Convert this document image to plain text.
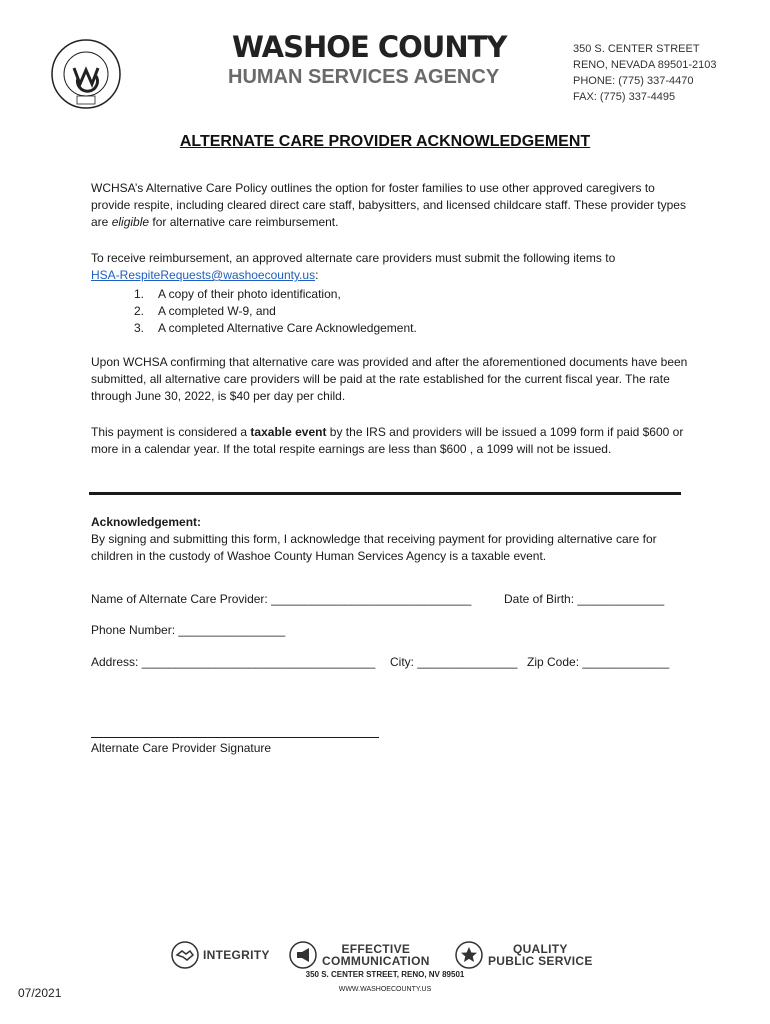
WASHOE COUNTY
HUMAN SERVICES AGENCY
350 S. CENTER STREET
RENO, NEVADA 89501-2103
PHONE: (775) 337-4470
FAX: (775) 337-4495
ALTERNATE CARE PROVIDER ACKNOWLEDGEMENT
WCHSA’s Alternative Care Policy outlines the option for foster families to use other approved caregivers to provide respite, including cleared direct care staff, babysitters, and licensed childcare staff. These provider types are eligible for alternative care reimbursement.
To receive reimbursement, an approved alternate care providers must submit the following items to
HSA-RespiteRequests@washoecounty.us:
1.	A copy of their photo identification,
2.	A completed W-9, and
3.	A completed Alternative Care Acknowledgement.
Upon WCHSA confirming that alternative care was provided and after the aforementioned documents have been submitted, all alternative care providers will be paid at the rate established for the current fiscal year. The rate through June 30, 2022, is $40 per day per child.
This payment is considered a taxable event by the IRS and providers will be issued a 1099 form if paid $600 or more in a calendar year. If the total respite earnings are less than $600 , a 1099 will not be issued.
Acknowledgement:
By signing and submitting this form, I acknowledge that receiving payment for providing alternative care for children in the custody of Washoe County Human Services Agency is a taxable event.
Name of Alternate Care Provider: ______________________________	Date of Birth: _____________
Phone Number: ________________
Address: ___________________________________ City: _______________ Zip Code: _____________
Alternate Care Provider Signature
INTEGRITY	EFFECTIVE
COMMUNICATION
QUALITY
PUBLIC SERVICE
350 S. CENTER STREET, RENO, NV 89501
WWW.WASHOECOUNTY.US
07/2021
